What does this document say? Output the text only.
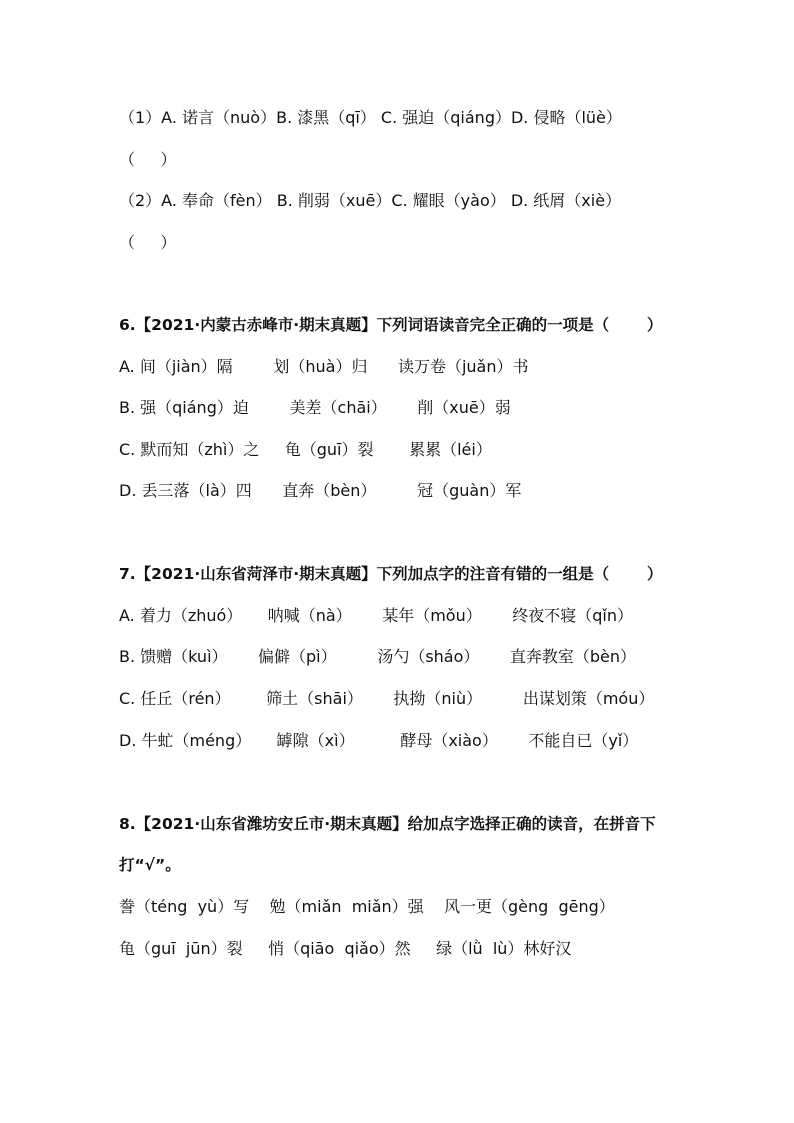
（1）A. 诺言（nuò）B. 漆黑（qī） C. 强迫（qiáng）D. 侵略（lüè）
（     ）
（2）A. 奉命（fèn） B. 削弱（xuē）C. 耀眼（yào） D. 纸屑（xiè）
（     ）
6.【2021·内蒙古赤峰市·期末真题】下列词语读音完全正确的一项是（       ）
A. 间（jiàn）隔        划（huà）归      读万卷（juǎn）书
B. 强（qiáng）迫        美差（chāi）      削（xuē）弱
C. 默而知（zhì）之     龟（guī）裂       累累（léi）
D. 丢三落（là）四      直奔（bèn）        冠（guàn）军
7.【2021·山东省菏泽市·期末真题】下列加点字的注音有错的一组是（       ）
A. 着力（zhuó）     呐喊（nà）      某年（mǒu）      终夜不寝（qǐn）
B. 馈赠（kuì）      偏僻（pì）        汤勺（sháo）      直奔教室（bèn）
C. 任丘（rén）       筛土（shāi）      执拗（niù）        出谋划策（móu）
D. 牛虻（méng）     罅隙（xì）         酵母（xiào）      不能自已（yǐ）
8.【2021·山东省潍坊安丘市·期末真题】给加点字选择正确的读音，在拼音下
打“√”。
誊（téng  yù）写    勉（miǎn  miǎn）强    风一更（gèng  gēng）
龟（guī  jūn）裂     悄（qiāo  qiǎo）然     绿（lǜ  lù）林好汉
